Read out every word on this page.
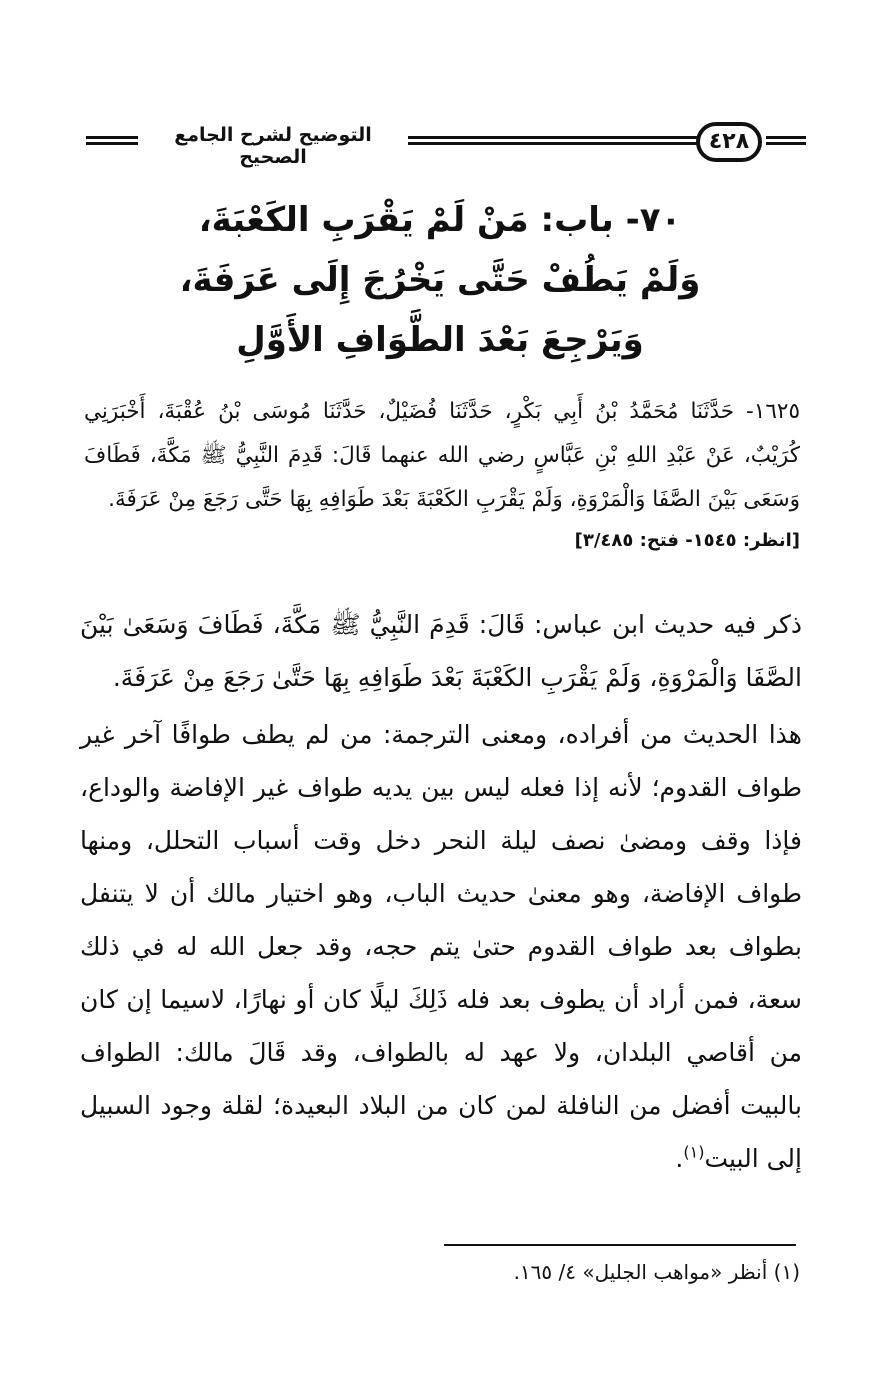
التوضيح لشرح الجامع الصحيح
٤٢٨
٧٠- باب: مَنْ لَمْ يَقْرَبِ الكَعْبَةَ،
وَلَمْ يَطُفْ حَتَّى يَخْرُجَ إِلَى عَرَفَةَ،
وَيَرْجِعَ بَعْدَ الطَّوَافِ الأَوَّلِ
١٦٢٥- حَدَّثَنَا مُحَمَّدُ بْنُ أَبِي بَكْرٍ، حَدَّثَنَا فُضَيْلٌ، حَدَّثَنَا مُوسَى بْنُ عُقْبَةَ، أَخْبَرَنِي كُرَيْبٌ، عَنْ عَبْدِ اللهِ بْنِ عَبَّاسٍ رضي الله عنهما قَالَ: قَدِمَ النَّبِيُّ ﷺ مَكَّةَ، فَطَافَ وَسَعَى بَيْنَ الصَّفَا وَالْمَرْوَةِ، وَلَمْ يَقْرَبِ الكَعْبَةَ بَعْدَ طَوَافِهِ بِهَا حَتَّى رَجَعَ مِنْ عَرَفَةَ.
[انظر: ١٥٤٥- فتح: ٣/٤٨٥]

ذكر فيه حديث ابن عباس: قَالَ: قَدِمَ النَّبِيُّ ﷺ مَكَّةَ، فَطَافَ وَسَعَىٰ بَيْنَ الصَّفَا وَالْمَرْوَةِ، وَلَمْ يَقْرَبِ الكَعْبَةَ بَعْدَ طَوَافِهِ بِهَا حَتَّىٰ رَجَعَ مِنْ عَرَفَةَ.

هذا الحديث من أفراده، ومعنى الترجمة: من لم يطف طوافًا آخر غير طواف القدوم؛ لأنه إذا فعله ليس بين يديه طواف غير الإفاضة والوداع، فإذا وقف ومضىٰ نصف ليلة النحر دخل وقت أسباب التحلل، ومنها طواف الإفاضة، وهو معنىٰ حديث الباب، وهو اختيار مالك أن لا يتنفل بطواف بعد طواف القدوم حتىٰ يتم حجه، وقد جعل الله له في ذلك سعة، فمن أراد أن يطوف بعد فله ذَلِكَ ليلًا كان أو نهارًا، لاسيما إن كان من أقاصي البلدان، ولا عهد له بالطواف، وقد قَالَ مالك: الطواف بالبيت أفضل من النافلة لمن كان من البلاد البعيدة؛ لقلة وجود السبيل إلى البيت$^{(١)}$.

(١) أنظر «مواهب الجليل» ٤/ ١٦٥.
